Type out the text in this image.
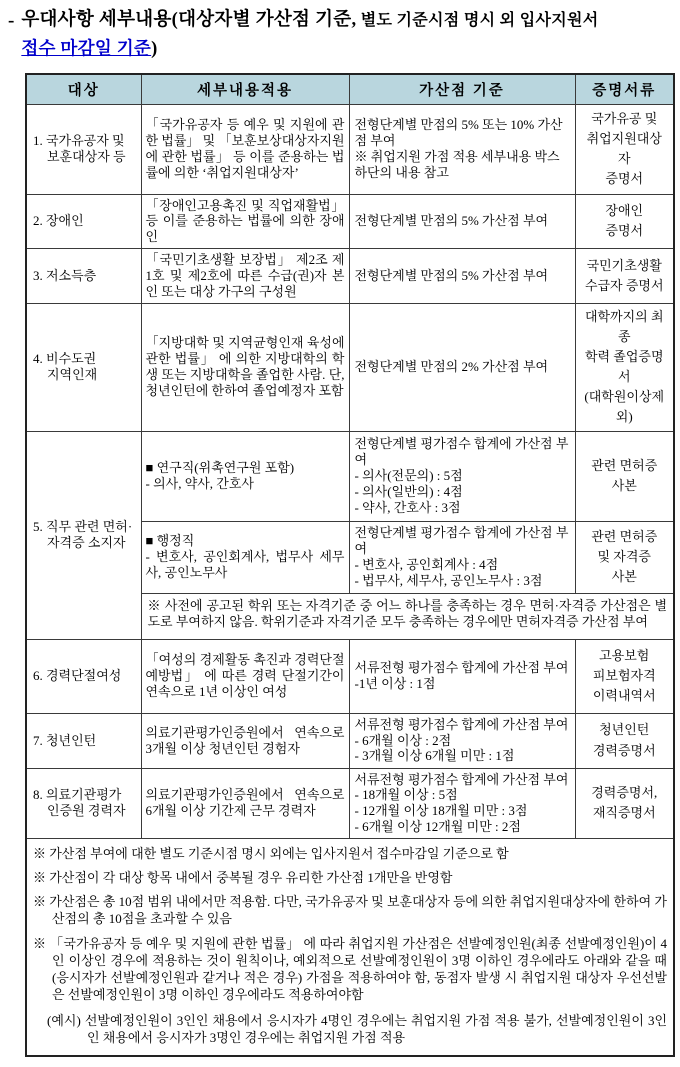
- 우대사항 세부내용(대상자별 가산점 기준, 별도 기준시점 명시 외 입사지원서
접수 마감일 기준)
대상	세부내용적용	가산점 기준	증명서류
1. 국가유공자 및
보훈대상자 등	「국가유공자 등 예우 및 지원에 관한 법률」 및 「보훈보상대상자지원에 관한 법률」 등 이를 준용하는 법률에 의한 ‘취업지원대상자’	전형단계별 만점의 5% 또는 10% 가산점 부여
※ 취업지원 가점 적용 세부내용 박스 하단의 내용 참고	국가유공 및
취업지원대상자
증명서
2. 장애인	「장애인고용촉진 및 직업재활법」 등 이를 준용하는 법률에 의한 장애인	전형단계별 만점의 5% 가산점 부여	장애인
증명서
3. 저소득층	「국민기초생활 보장법」 제2조 제1호 및 제2호에 따른 수급(권)자 본인 또는 대상 가구의 구성원	전형단계별 만점의 5% 가산점 부여	국민기초생활
수급자 증명서
4. 비수도권
지역인재	「지방대학 및 지역균형인재 육성에 관한 법률」 에 의한 지방대학의 학생 또는 지방대학을 졸업한 사람. 단, 청년인턴에 한하여 졸업예정자 포함	전형단계별 만점의 2% 가산점 부여	대학까지의 최종
학력 졸업증명서
(대학원이상제외)
5. 직무 관련 면허·
자격증 소지자	■ 연구직(위촉연구원 포함)
- 의사, 약사, 간호사	전형단계별 평가점수 합계에 가산점 부여
- 의사(전문의) : 5점
- 의사(일반의) : 4점
- 약사, 간호사 : 3점	관련 면허증
사본
	■ 행정직
- 변호사, 공인회계사, 법무사 세무사, 공인노무사	전형단계별 평가점수 합계에 가산점 부여
- 변호사, 공인회계사 : 4점
- 법무사, 세무사, 공인노무사 : 3점	관련 면허증
및 자격증
사본
	※ 사전에 공고된 학위 또는 자격기준 중 어느 하나를 충족하는 경우 면허·자격증 가산점은 별도로 부여하지 않음. 학위기준과 자격기준 모두 충족하는 경우에만 면허자격증 가산점 부여		
6. 경력단절여성	「여성의 경제활동 촉진과 경력단절 예방법」 에 따른 경력 단절기간이 연속으로 1년 이상인 여성	서류전형 평가점수 합계에 가산점 부여
-1년 이상 : 1점	고용보험
피보험자격
이력내역서
7. 청년인턴	의료기관평가인증원에서 연속으로 3개월 이상 청년인턴 경험자	서류전형 평가점수 합계에 가산점 부여
- 6개월 이상 : 2점
- 3개월 이상 6개월 미만 : 1점	청년인턴
경력증명서
8. 의료기관평가
인증원 경력자	의료기관평가인증원에서 연속으로 6개월 이상 기간제 근무 경력자	서류전형 평가점수 합계에 가산점 부여
- 18개월 이상 : 5점
- 12개월 이상 18개월 미만 : 3점
- 6개월 이상 12개월 미만 : 2점	경력증명서,
재직증명서

※ 가산점 부여에 대한 별도 기준시점 명시 외에는 입사지원서 접수마감일 기준으로 함
※ 가산점이 각 대상 항목 내에서 중복될 경우 유리한 가산점 1개만을 반영함
※ 가산점은 총 10점 범위 내에서만 적용함. 다만, 국가유공자 및 보훈대상자 등에 의한 취업지원대상자에 한하여 가산점의 총 10점을 초과할 수 있음
※ 「국가유공자 등 예우 및 지원에 관한 법률」 에 따라 취업지원 가산점은 선발예정인원(최종 선발예정인원)이 4인 이상인 경우에 적용하는 것이 원칙이나, 예외적으로 선발예정인원이 3명 이하인 경우에라도 아래와 같을 때(응시자가 선발예정인원과 같거나 적은 경우) 가점을 적용하여야 함, 동점자 발생 시 취업지원 대상자 우선선발은 선발예정인원이 3명 이하인 경우에라도 적용하여야함
(예시) 선발예정인원이 3인인 채용에서 응시자가 4명인 경우에는 취업지원 가점 적용 불가, 선발예정인원이 3인인 채용에서 응시자가 3명인 경우에는 취업지원 가점 적용			
